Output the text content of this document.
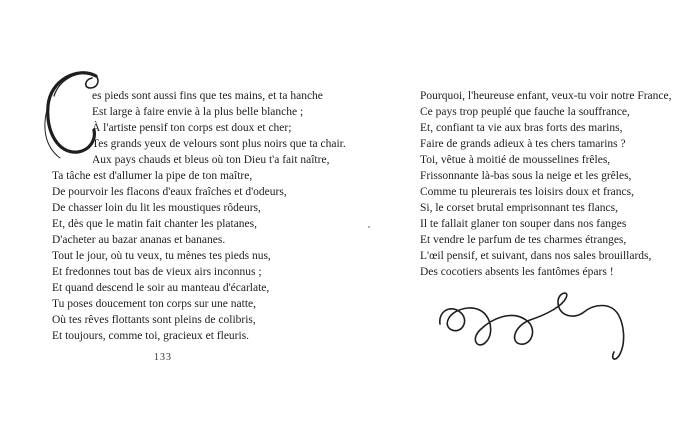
es pieds sont aussi fins que tes mains, et ta hanche
Est large à faire envie à la plus belle blanche ;
À l'artiste pensif ton corps est doux et cher;
Tes grands yeux de velours sont plus noirs que ta chair.
Aux pays chauds et bleus où ton Dieu t'a fait naître,
Ta tâche est d'allumer la pipe de ton maître,
De pourvoir les flacons d'eaux fraîches et d'odeurs,
De chasser loin du lit les moustiques rôdeurs,
Et, dès que le matin fait chanter les platanes,
D'acheter au bazar ananas et bananes.
Tout le jour, où tu veux, tu mènes tes pieds nus,
Et fredonnes tout bas de vieux airs inconnus ;
Et quand descend le soir au manteau d'écarlate,
Tu poses doucement ton corps sur une natte,
Où tes rêves flottants sont pleins de colibris,
Et toujours, comme toi, gracieux et fleuris.
133
Pourquoi, l'heureuse enfant, veux-tu voir notre France,
Ce pays trop peuplé que fauche la souffrance,
Et, confiant ta vie aux bras forts des marins,
Faire de grands adieux à tes chers tamarins ?
Toi, vêtue à moitié de mousselines frêles,
Frissonnante là-bas sous la neige et les grêles,
Comme tu pleurerais tes loisirs doux et francs,
Si, le corset brutal emprisonnant tes flancs,
Il te fallait glaner ton souper dans nos fanges
Et vendre le parfum de tes charmes étranges,
L'œil pensif, et suivant, dans nos sales brouillards,
Des cocotiers absents les fantômes épars !
